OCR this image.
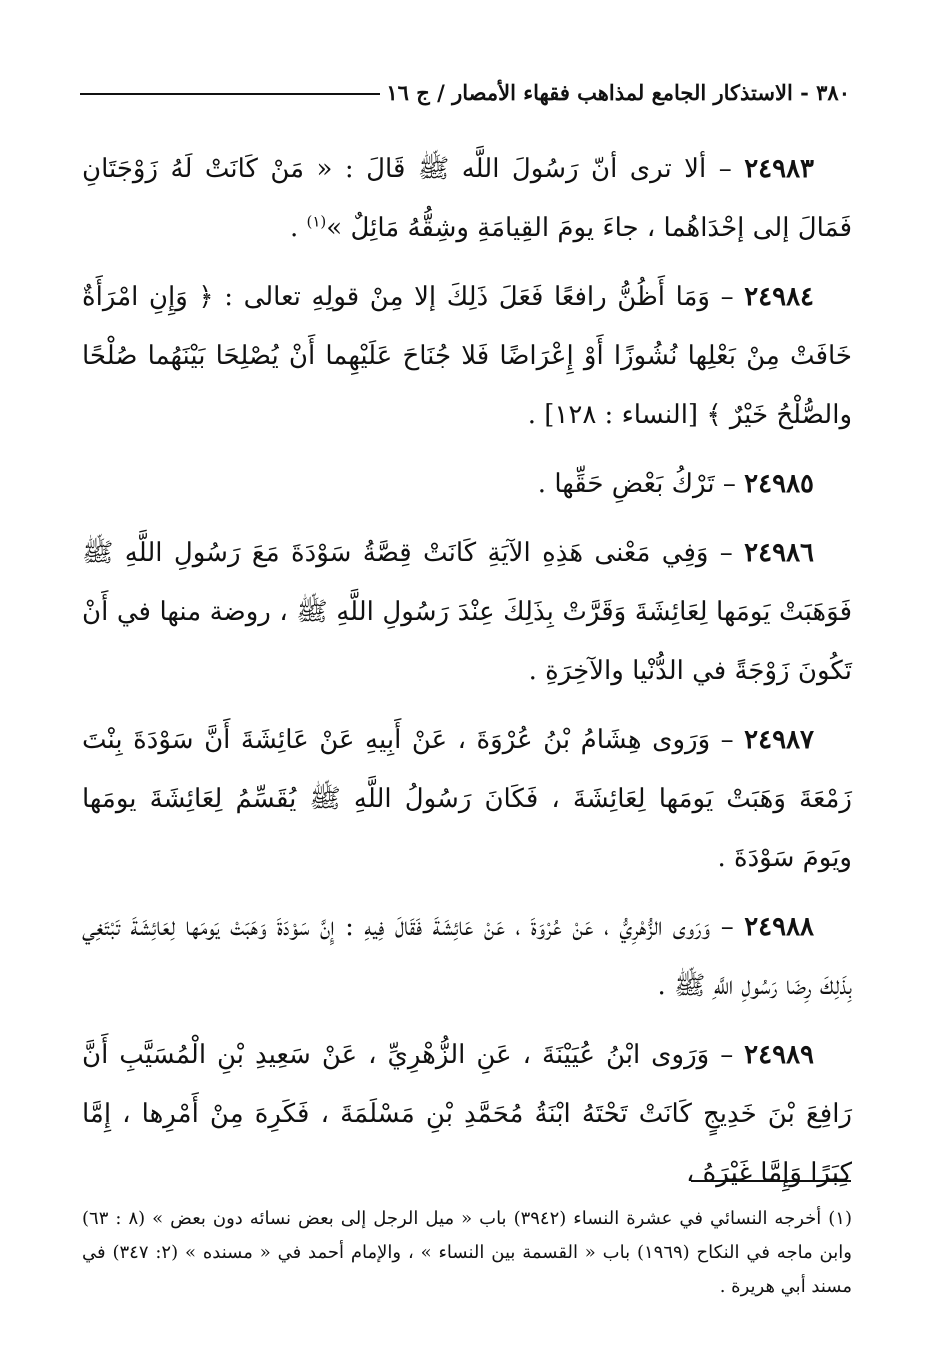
٣٨٠ - الاستذكار الجامع لمذاهب فقهاء الأمصار / ج ١٦

٢٤٩٨٣ – ألا ترى أنّ رَسُولَ اللَّه ﷺ قَالَ : « مَنْ كَانَتْ لَهُ زَوْجَتَانِ فَمَالَ إلى إحْدَاهُما ، جاءَ يومَ القِيامَةِ وشِقُّهُ مَائِلٌ »$^{(١)}$ .

٢٤٩٨٤ – وَمَا أَظُنُّ رافعًا فَعَلَ ذَلِكَ إلا مِنْ قولِهِ تعالى : ﴿ وَإِنِ امْرَأَةٌ خَافَتْ مِنْ بَعْلِها نُشُوزًا أَوْ إِعْرَاضًا فَلا جُنَاحَ عَلَيْهِما أَنْ يُصْلِحَا بَيْنَهُما صُلْحًا والصُّلْحُ خَيْرٌ ﴾ [النساء : ١٢٨] .

٢٤٩٨٥ – تَرْكُ بَعْضِ حَقِّها .

٢٤٩٨٦ – وَفِي مَعْنى هَذِهِ الآيَةِ كَانَتْ قِصَّةُ سَوْدَةَ مَعَ رَسُولِ اللَّهِ ﷺ فَوَهَبَتْ يَومَها لِعَائِشَةَ وَقَرَّتْ بِذَلِكَ عِنْدَ رَسُولِ اللَّهِ ﷺ ، روضة منها في أَنْ تَكُونَ زَوْجَةً في الدُّنْيا والآخِرَةِ .

٢٤٩٨٧ – وَرَوى هِشَامُ بْنُ عُرْوَةَ ، عَنْ أَبِيهِ عَنْ عَائِشَةَ أَنَّ سَوْدَةَ بِنْتَ زَمْعَةَ وَهَبَتْ يَومَها لِعَائِشَةَ ، فَكَانَ رَسُولُ اللَّهِ ﷺ يُقَسِّمُ لِعَائِشَةَ يومَها ويَومَ سَوْدَةَ .

٢٤٩٨٨ – وَرَوى الزُّهْرِيُّ ، عَنْ عُرْوَةَ ، عَنْ عَائِشَةَ فَقَالَ فِيهِ : إِنَّ سَوْدَةَ وَهَبَتْ يَومَها لِعَائِشَةَ تَبْتَغِي بِذَلِكَ رِضَا رَسُولِ اللَّهِ ﷺ .

٢٤٩٨٩ – وَرَوى ابْنُ عُيَيْنَةَ ، عَنِ الزُّهْرِيِّ ، عَنْ سَعِيدِ بْنِ الْمُسَيَّبِ أَنَّ رَافِعَ بْنَ خَدِيجٍ كَانَتْ تَحْتَهُ ابْنَةُ مُحَمَّدِ بْنِ مَسْلَمَةَ ، فَكَرِهَ مِنْ أَمْرِها ، إِمَّا كِبَرًا وَإِمَّا غَيْرَهُ ،

(١) أخرجه النسائي في عشرة النساء (٣٩٤٢) باب « ميل الرجل إلى بعض نسائه دون بعض » (٨ : ٦٣) وابن ماجه في النكاح (١٩٦٩) باب « القسمة بين النساء » ، والإمام أحمد في « مسنده » (٢: ٣٤٧) في مسند أبي هريرة .
